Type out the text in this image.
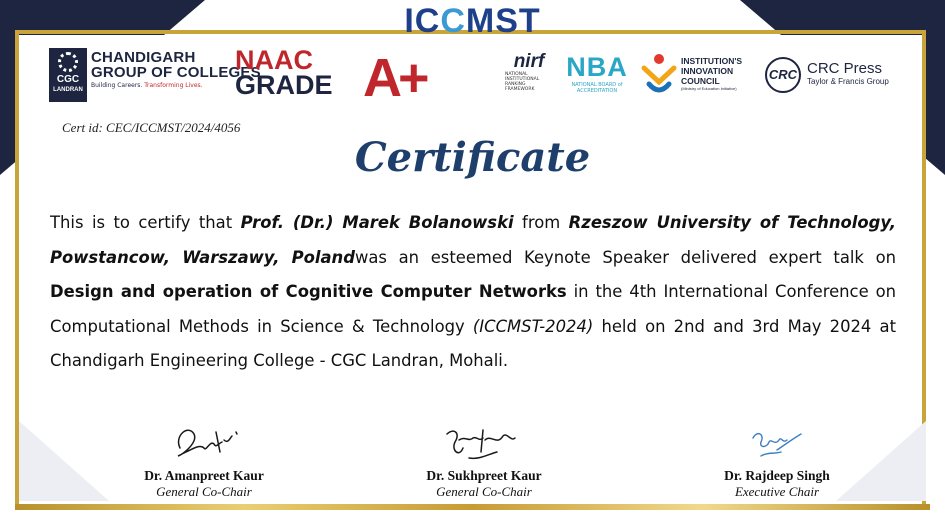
ICCMST
CGC
LANDRAN
CHANDIGARH
GROUP OF COLLEGES
Building Careers. Transforming Lives.
NAAC
GRADE A+	nirf
NATIONAL INSTITUTIONAL RANKING FRAMEWORK
NBA
NATIONAL BOARD of ACCREDITATION
INSTITUTION'S
INNOVATION
COUNCIL
(Ministry of Education Initiative)
CRC CRC Press
Taylor & Francis Group
Cert id: CEC/ICCMST/2024/4056
Certificate

This is to certify that Prof. (Dr.) Marek Bolanowski from Rzeszow University of Technology, Powstancow, Warszawy, Polandwas an esteemed Keynote Speaker delivered expert talk on Design and operation of Cognitive Computer Networks in the 4th International Conference on Computational Methods in Science & Technology (ICCMST-2024) held on 2nd and 3rd May 2024 at Chandigarh Engineering College - CGC Landran, Mohali.

Dr. Amanpreet Kaur
General Co-Chair
Dr. Sukhpreet Kaur
General Co-Chair
Dr. Rajdeep Singh
Executive Chair
